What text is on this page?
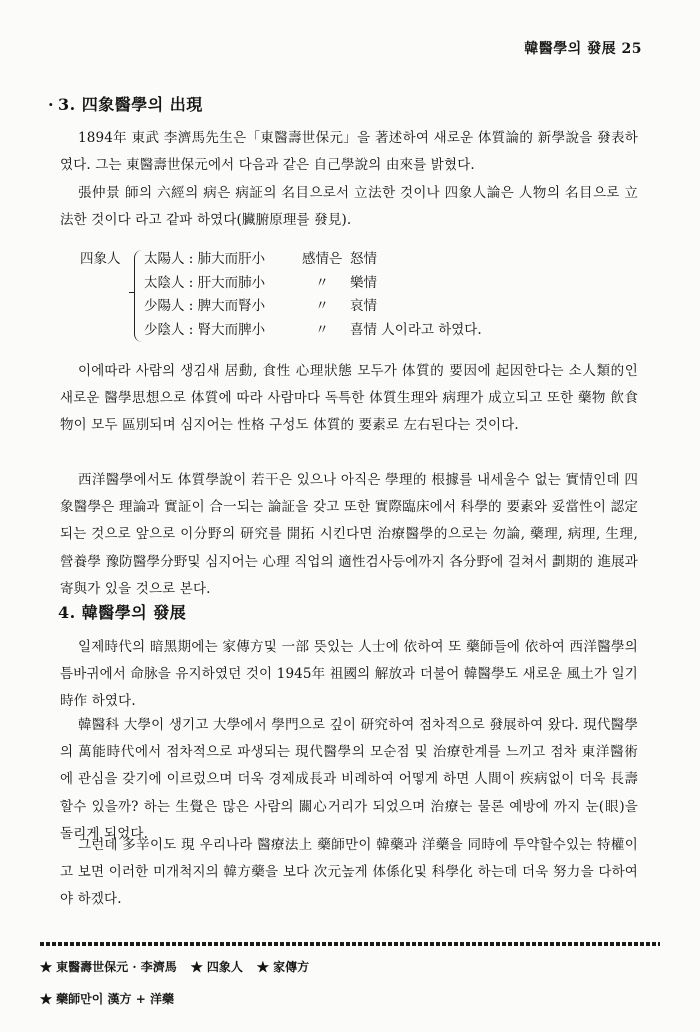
韓醫學의 發展 25
· 3. 四象醫學의 出現
1894年 東武 李濟馬先生은「東醫壽世保元」을 著述하여 새로운 体質論的 新學說을 發表하였다. 그는 東醫壽世保元에서 다음과 같은 自己學說의 由來를 밝혔다.
張仲景 師의 六經의 病은 病証의 名目으로서 立法한 것이나 四象人論은 人物의 名目으로 立法한 것이다 라고 같파 하였다(臟腑原理를 發見).
四象人 太陽人 : 肺大而肝小	感情은 怒情
太陰人 : 肝大而肺小	〃 樂情
少陽人 : 脾大而腎小	〃 哀情
少陰人 : 腎大而脾小	〃 喜情 人이라고 하였다.
이에따라 사람의 생김새 居動, 食性 心理狀態 모두가 体質的 要因에 起因한다는 소人類的인 새로운 醫學思想으로 体質에 따라 사람마다 독특한 体質生理와 病理가 成立되고 또한 藥物 飮食物이 모두 區別되며 심지어는 性格 구성도 体質的 要素로 左右된다는 것이다.
西洋醫學에서도 体質學說이 若干은 있으나 아직은 學理的 根據를 내세울수 없는 實情인데 四象醫學은 理論과 實証이 合一되는 論証을 갖고 또한 實際臨床에서 科學的 要素와 妥當性이 認定되는 것으로 앞으로 이分野의 研究를 開拓 시킨다면 治療醫學的으로는 勿論, 藥理, 病理, 生理, 營養學 豫防醫學分野및 심지어는 心理 직업의 適性검사등에까지 各分野에 걸쳐서 劃期的 進展과 寄與가 있을 것으로 본다.
4. 韓醫學의 發展
일제時代의 暗黑期에는 家傳方및 一部 뜻있는 人士에 依하여 또 藥師들에 依하여 西洋醫學의 틈바귀에서 命脉을 유지하였던 것이 1945年 祖國의 解放과 더불어 韓醫學도 새로운 風土가 일기 時作 하였다.
韓醫科 大學이 생기고 大學에서 學門으로 깊이 研究하여 점차적으로 發展하여 왔다. 現代醫學의 萬能時代에서 점차적으로 파생되는 現代醫學의 모순점 및 治療한계를 느끼고 점차 東洋醫術에 관심을 갖기에 이르렀으며 더욱 경제成長과 비례하여 어떻게 하면 人間이 疾病없이 더욱 長壽할수 있을까? 하는 生覺은 많은 사람의 關心거리가 되었으며 治療는 물론 예방에 까지 눈(眼)을 돌리게 되었다.
그런데 多辛이도 現 우리나라 醫療法上 藥師만이 韓藥과 洋藥을 同時에 투약할수있는 特權이고 보면 이러한 미개척지의 韓方藥을 보다 次元높게 体係化및 科學化 하는데 더욱 努力을 다하여야 하겠다.
★ 東醫壽世保元 · 李濟馬 ★ 四象人 ★ 家傳方
★ 藥師만이 漢方 + 洋藥
